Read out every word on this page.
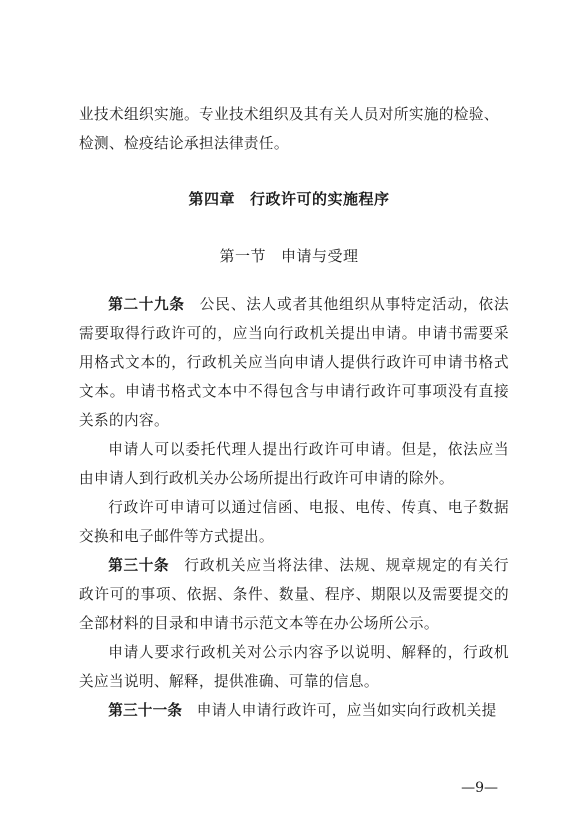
业技术组织实施。专业技术组织及其有关人员对所实施的检验、

检测、检疫结论承担法律责任。

第四章 行政许可的实施程序
第一节 申请与受理

第二十九条 公民、法人或者其他组织从事特定活动，依法需要取得行政许可的，应当向行政机关提出申请。申请书需要采用格式文本的，行政机关应当向申请人提供行政许可申请书格式文本。申请书格式文本中不得包含与申请行政许可事项没有直接关系的内容。

申请人可以委托代理人提出行政许可申请。但是，依法应当由申请人到行政机关办公场所提出行政许可申请的除外。

行政许可申请可以通过信函、电报、电传、传真、电子数据交换和电子邮件等方式提出。

第三十条 行政机关应当将法律、法规、规章规定的有关行政许可的事项、依据、条件、数量、程序、期限以及需要提交的全部材料的目录和申请书示范文本等在办公场所公示。

申请人要求行政机关对公示内容予以说明、解释的，行政机关应当说明、解释，提供准确、可靠的信息。

第三十一条 申请人申请行政许可，应当如实向行政机关提

—9—
